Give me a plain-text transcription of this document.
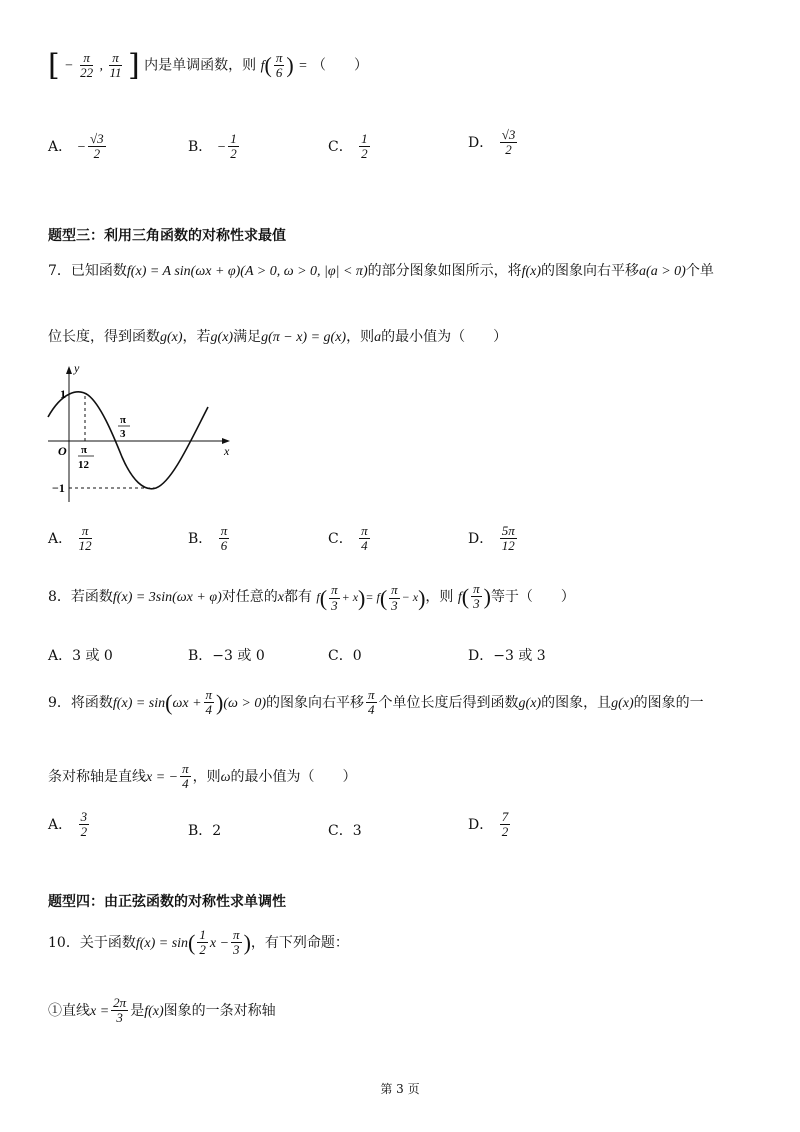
[ − $\frac{\pi}{22}$ , $\frac{\pi}{11}$ ] 内是单调函数，则 $f( \frac{\pi}{6}$ ) = （　　）
A． − $\frac{√3}{2}$	B． − $\frac{1}{2}$	C． $\frac{1}{2}$	D． $\frac{√3}{2}$
题型三：利用三角函数的对称性求最值
7．已知函数f(x) = A sin(ωx + φ)(A > 0, ω > 0, |φ| < π)的部分图象如图所示，将f(x)的图象向右平移a(a > 0)个单
位长度，得到函数g(x)，若g(x)满足g(π − x) = g(x)，则a的最小值为（　　）
y
x
O
1
−1
π
12
π
3
A． $\frac{\pi}{12}$	B． $\frac{\pi}{6}$	C． $\frac{\pi}{4}$	D． $\frac{5\pi}{12}$
8．若函数f(x) = 3sin(ωx + φ)对任意的x都有 $f( \frac{\pi}{3} + x)= f( \frac{\pi}{3} - x)$，则 $f( \frac{\pi}{3}$ )等于（　　）
A．3 或 0	B．−3 或 0	C．0	D．−3 或 3
9．将函数$f(x) = \sin(\omega x + \frac{\pi}{4} )(\omega > 0)$的图象向右平移 $\frac{\pi}{4}$ 个单位长度后得到函数g(x)的图象，且g(x)的图象的一
条对称轴是直线x = − $\frac{\pi}{4}$ ，则ω的最小值为（　　）
A． $\frac{3}{2}$	B．2	C．3	D． $\frac{7}{2}$
题型四：由正弦函数的对称性求单调性
10．关于函数$f(x) = \sin( \frac{1}{2}$ $x - \frac{\pi}{3}$ )，有下列命题：
①直线$x = \frac{2\pi}{3}$ 是f(x)图象的一条对称轴
第 3 页
